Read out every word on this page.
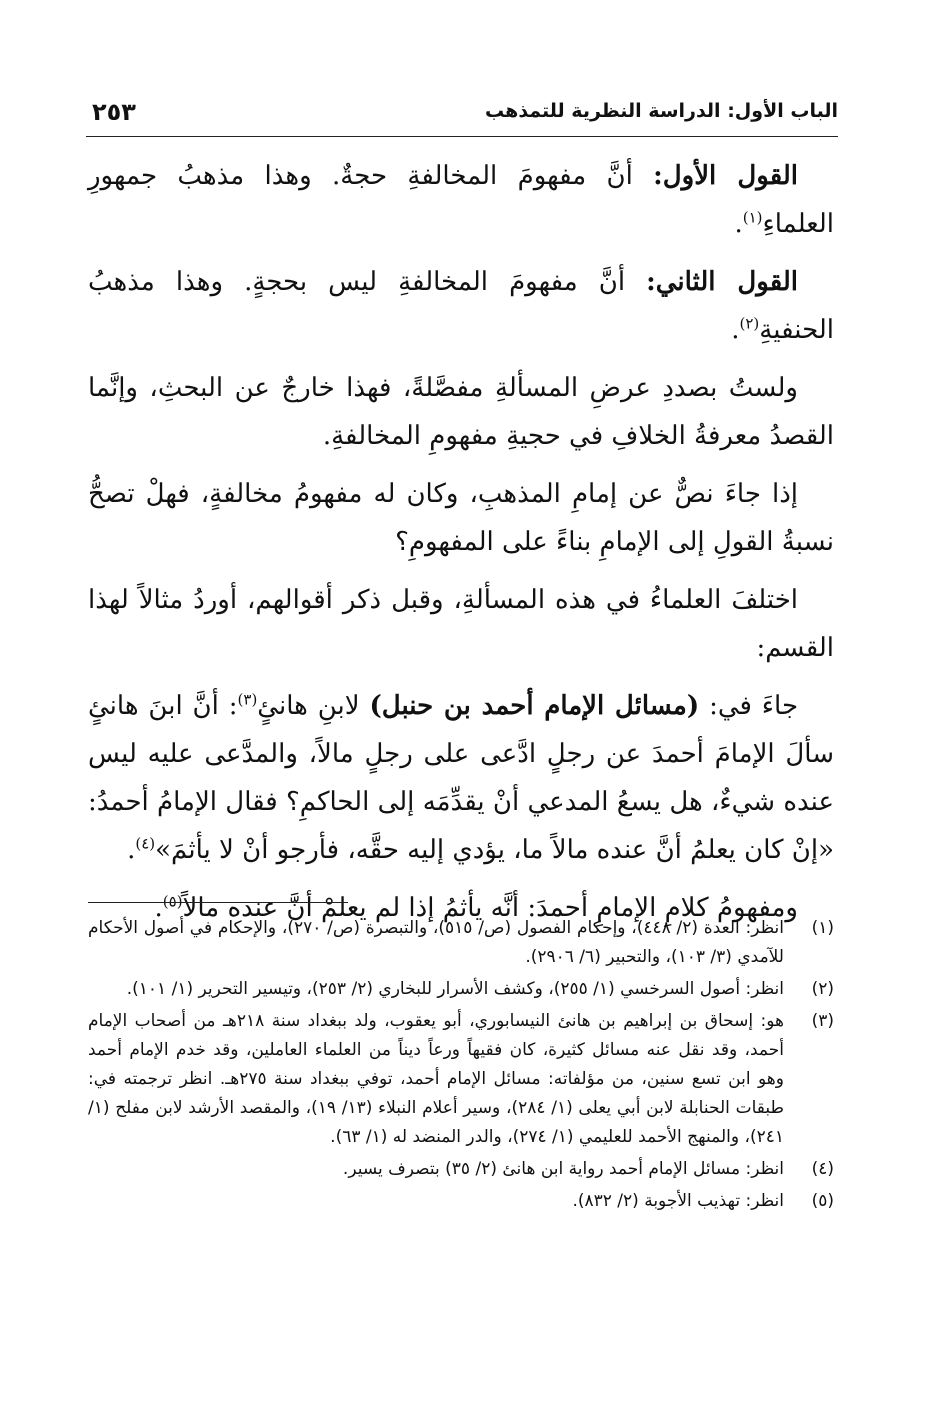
الباب الأول: الدراسة النظرية للتمذهب
٢٥٣

القول الأول: أنَّ مفهومَ المخالفةِ حجةٌ. وهذا مذهبُ جمهورِ العلماءِ$^{(١)}$.

القول الثاني: أنَّ مفهومَ المخالفةِ ليس بحجةٍ. وهذا مذهبُ الحنفيةِ$^{(٢)}$.

ولستُ بصددِ عرضِ المسألةِ مفصَّلةً، فهذا خارجٌ عن البحثِ، وإنَّما القصدُ معرفةُ الخلافِ في حجيةِ مفهومِ المخالفةِ.

إذا جاءَ نصٌّ عن إمامِ المذهبِ، وكان له مفهومُ مخالفةٍ، فهلْ تصحُّ نسبةُ القولِ إلى الإمامِ بناءً على المفهومِ؟

اختلفَ العلماءُ في هذه المسألةِ، وقبل ذكر أقوالهم، أوردُ مثالاً لهذا القسم:

جاءَ في: (مسائل الإمام أحمد بن حنبل) لابنِ هانئٍ$^{(٣)}$: أنَّ ابنَ هانئٍ سألَ الإمامَ أحمدَ عن رجلٍ ادَّعى على رجلٍ مالاً، والمدَّعى عليه ليس عنده شيءٌ، هل يسعُ المدعي أنْ يقدِّمَه إلى الحاكمِ؟ فقال الإمامُ أحمدُ: «إنْ كان يعلمُ أنَّ عنده مالاً ما، يؤدي إليه حقَّه، فأرجو أنْ لا يأثمَ»$^{(٤)}$.

ومفهومُ كلامِ الإمامِ أحمدَ: أنَّه يأثمُ إذا لم يعلمْ أنَّ عنده مالاً$^{(٥)}$.

(١)
انظر: العدة (٢/ ٤٤٨)، وإحكام الفصول (ص/ ٥١٥)، والتبصرة (ص/ ٢٧٠)، والإحكام في أصول الأحكام للآمدي (٣/ ١٠٣)، والتحبير (٦/ ٢٩٠٦).
(٢)
انظر: أصول السرخسي (١/ ٢٥٥)، وكشف الأسرار للبخاري (٢/ ٢٥٣)، وتيسير التحرير (١/ ١٠١).
(٣)
هو: إسحاق بن إبراهيم بن هانئ النيسابوري، أبو يعقوب، ولد ببغداد سنة ٢١٨هـ من أصحاب الإمام أحمد، وقد نقل عنه مسائل كثيرة، كان فقيهاً ورعاً ديناً من العلماء العاملين، وقد خدم الإمام أحمد وهو ابن تسع سنين، من مؤلفاته: مسائل الإمام أحمد، توفي ببغداد سنة ٢٧٥هـ. انظر ترجمته في: طبقات الحنابلة لابن أبي يعلى (١/ ٢٨٤)، وسير أعلام النبلاء (١٣/ ١٩)، والمقصد الأرشد لابن مفلح (١/ ٢٤١)، والمنهج الأحمد للعليمي (١/ ٢٧٤)، والدر المنضد له (١/ ٦٣).
(٤)
انظر: مسائل الإمام أحمد رواية ابن هانئ (٢/ ٣٥) بتصرف يسير.
(٥)
انظر: تهذيب الأجوبة (٢/ ٨٣٢).
